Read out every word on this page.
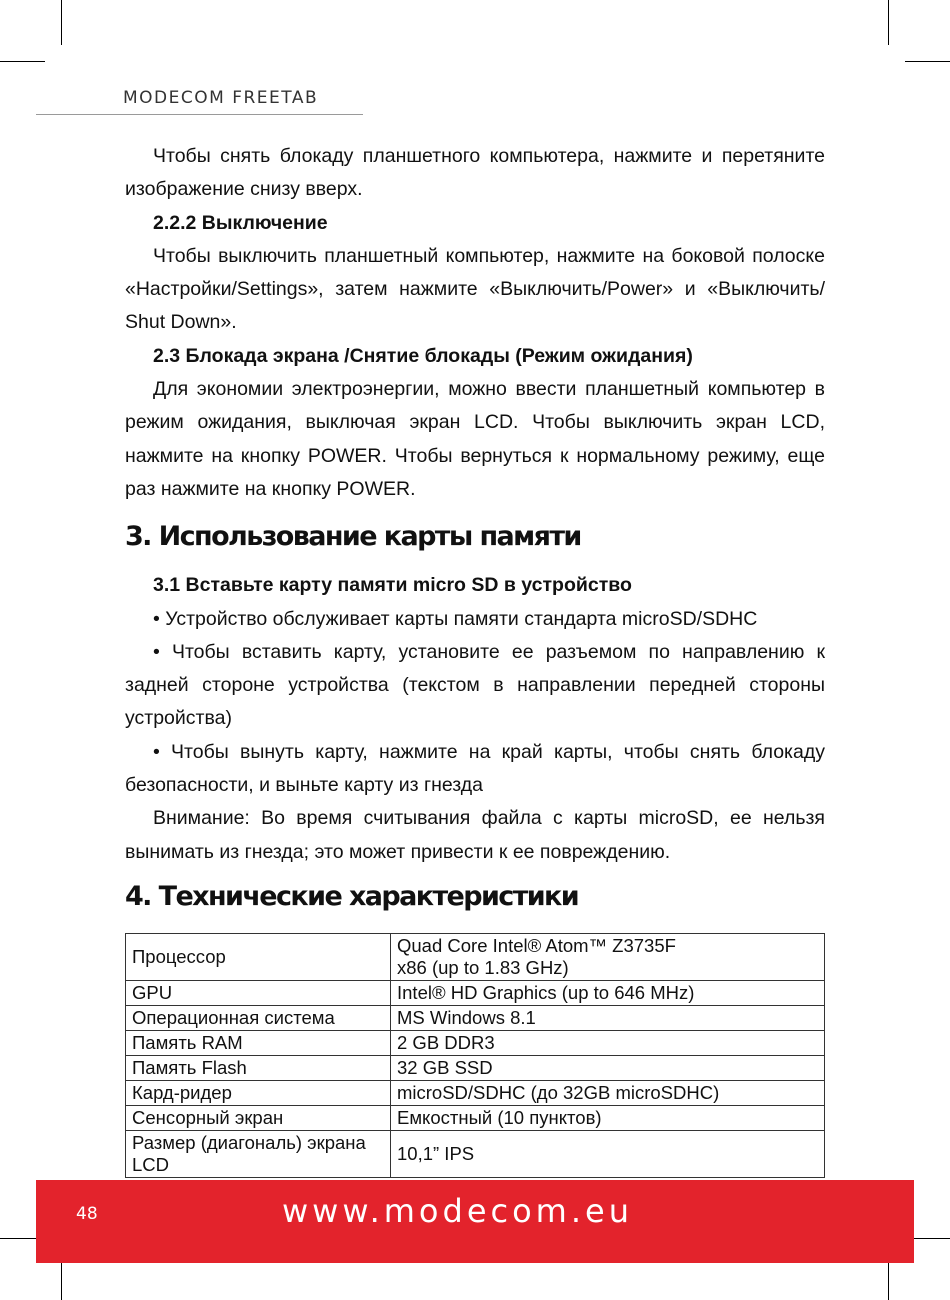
MODECOM FREETAB

Чтобы снять блокаду планшетного компьютера, нажмите и перетяните изображение снизу вверх.

2.2.2 Выключение

Чтобы выключить планшетный компьютер, нажмите на боковой полоске «Настройки/Settings», затем нажмите «Выключить/Power» и «Выключить/ Shut Down».

2.3 Блокада экрана /Снятие блокады (Режим ожидания)

Для экономии электроэнергии, можно ввести планшетный компьютер в режим ожидания, выключая экран LCD. Чтобы выключить экран LCD, нажмите на кнопку POWER. Чтобы вернуться к нормальному режиму, еще раз нажмите на кнопку POWER.

3. Использование карты памяти

3.1 Вставьте карту памяти micro SD в устройство

• Устройство обслуживает карты памяти стандарта microSD/SDHC

• Чтобы вставить карту, установите ее разъемом по направлению к задней стороне устройства (текстом в направлении передней стороны устройства)

• Чтобы вынуть карту, нажмите на край карты, чтобы снять блокаду безопасности, и выньте карту из гнезда

Внимание: Во время считывания файла с карты microSD, ее нельзя вынимать из гнезда; это может привести к ее повреждению.

4. Технические характеристики
Процессор	Quad Core Intel® Atom™ Z3735F
x86 (up to 1.83 GHz)

GPU	Intel® HD Graphics (up to 646 MHz)
Операционная система	MS Windows 8.1
Память RAM	2 GB DDR3
Память Flash	32 GB SSD
Кард-ридер	microSD/SDHC (до 32GB microSDHC)
Сенсорный экран	Емкостный (10 пунктов)
Размер (диагональ) экрана LCD	10,1” IPS
48	www.modecom.eu
